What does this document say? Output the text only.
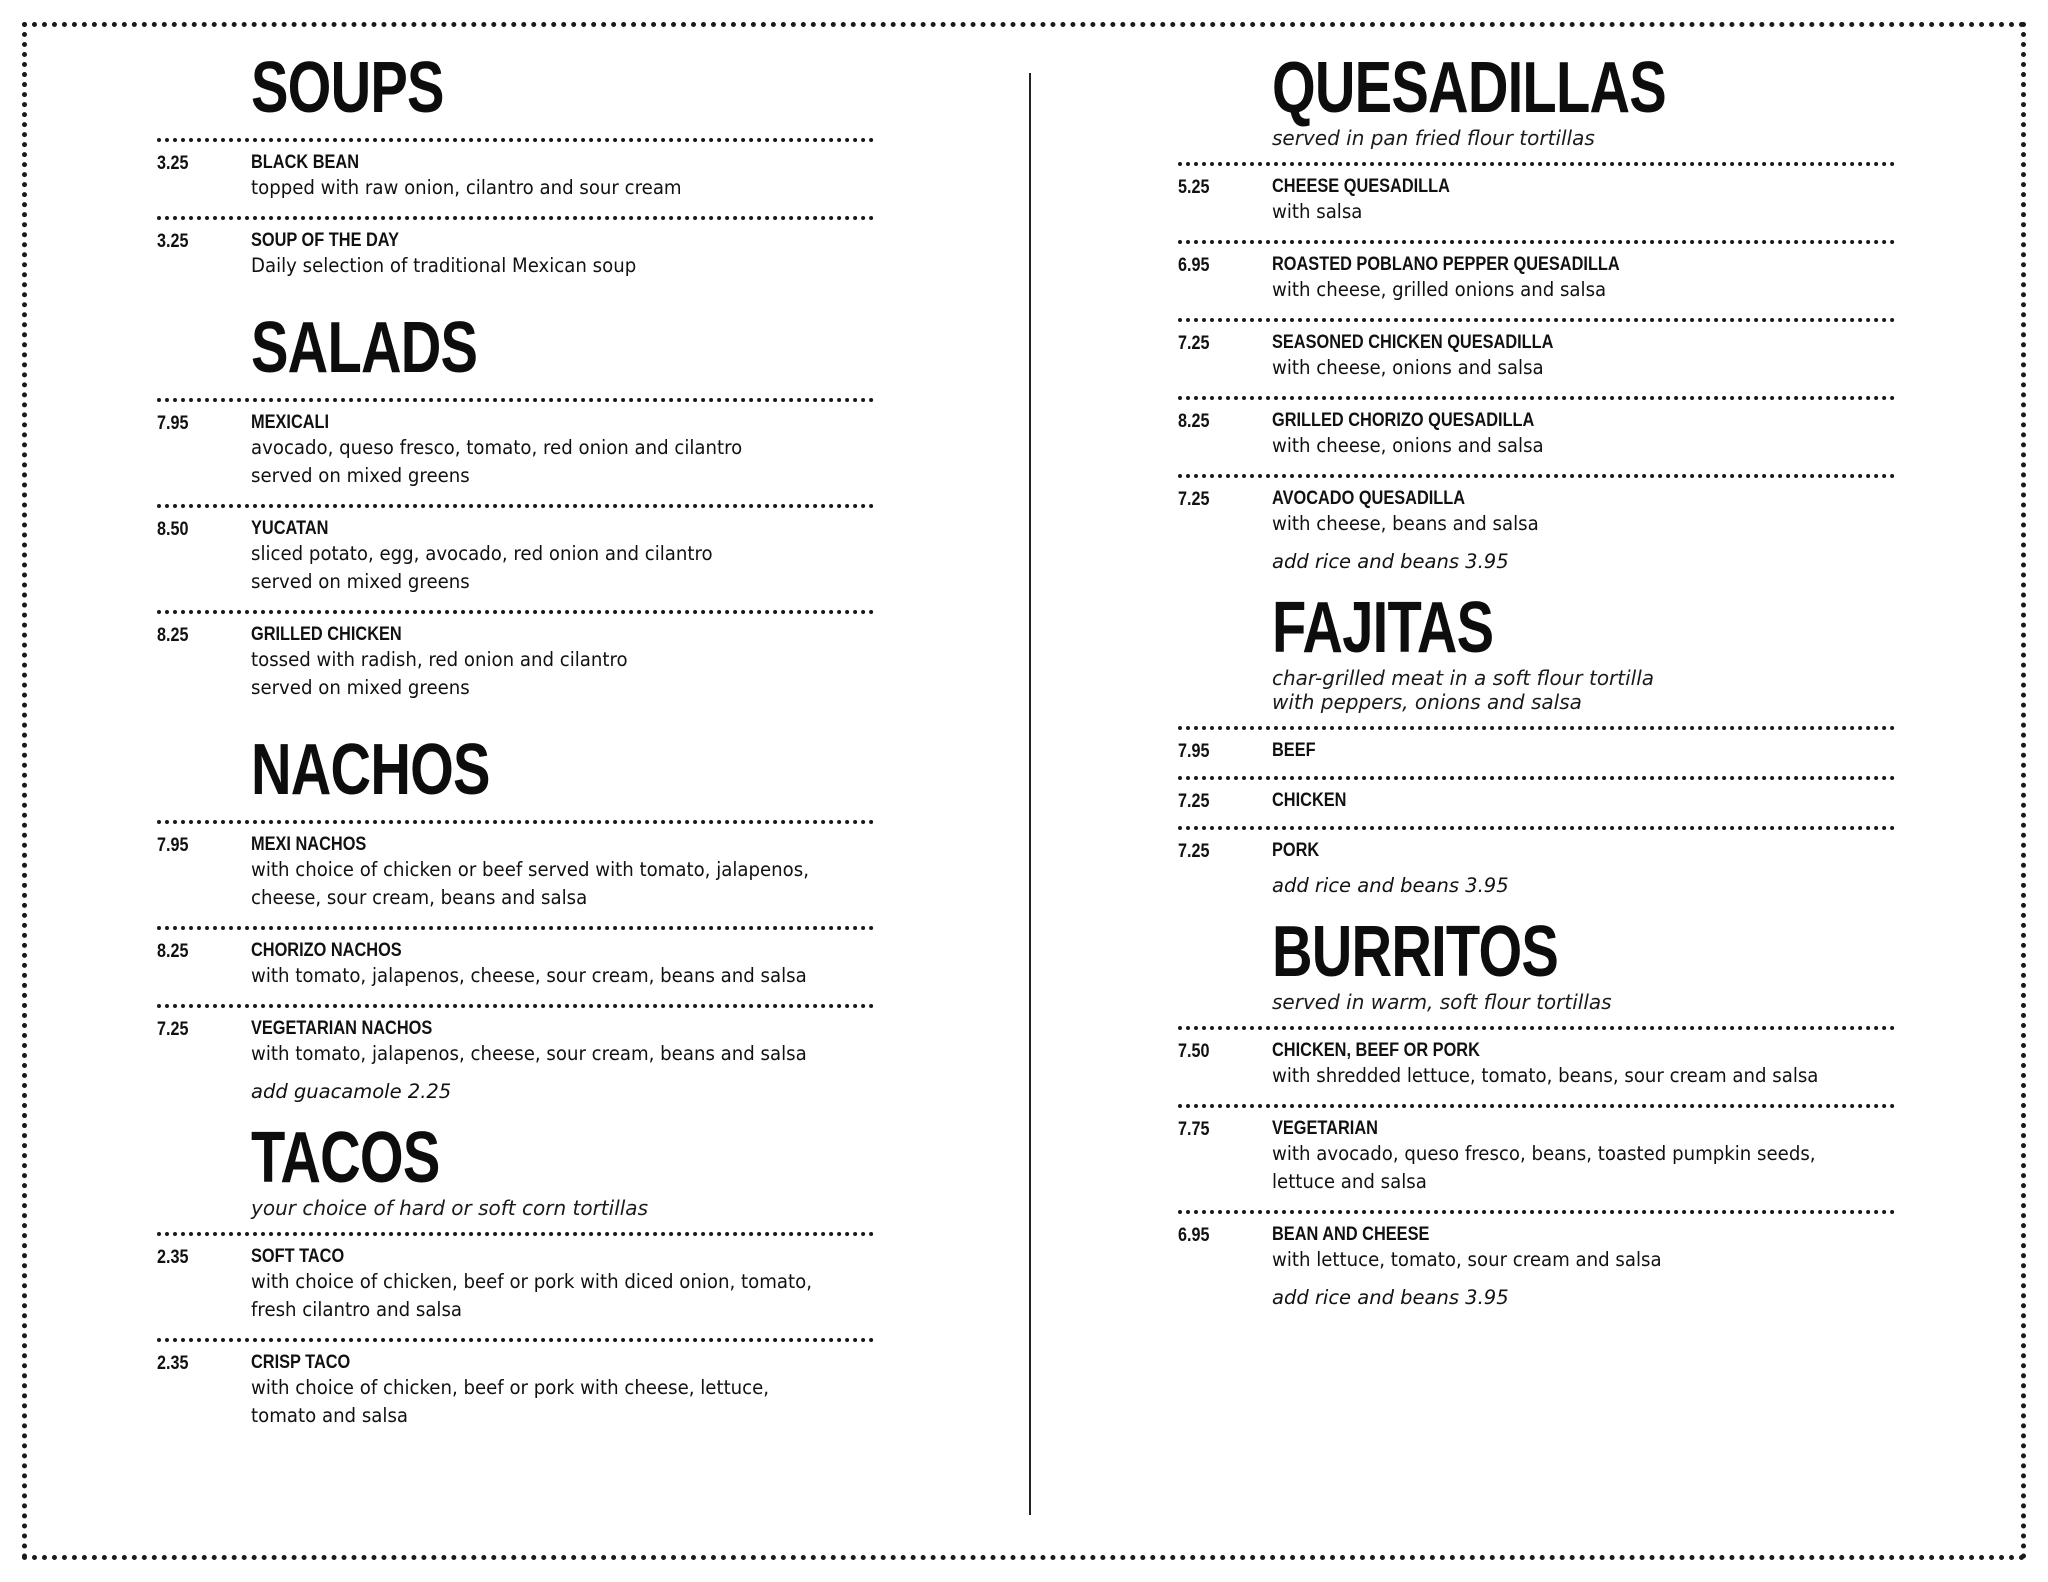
SOUPS
3.25	BLACK BEAN
topped with raw onion, cilantro and sour cream
3.25	SOUP OF THE DAY
Daily selection of traditional Mexican soup
SALADS
7.95	MEXICALI
avocado, queso fresco, tomato, red onion and cilantro
served on mixed greens
8.50	YUCATAN
sliced potato, egg, avocado, red onion and cilantro
served on mixed greens
8.25	GRILLED CHICKEN
tossed with radish, red onion and cilantro
served on mixed greens
NACHOS
7.95	MEXI NACHOS
with choice of chicken or beef served with tomato, jalapenos,
cheese, sour cream, beans and salsa
8.25	CHORIZO NACHOS
with tomato, jalapenos, cheese, sour cream, beans and salsa
7.25	VEGETARIAN NACHOS
with tomato, jalapenos, cheese, sour cream, beans and salsa
add guacamole 2.25
TACOS
your choice of hard or soft corn tortillas
2.35	SOFT TACO
with choice of chicken, beef or pork with diced onion, tomato,
fresh cilantro and salsa
2.35	CRISP TACO
with choice of chicken, beef or pork with cheese, lettuce,
tomato and salsa
QUESADILLAS
served in pan fried flour tortillas
5.25	CHEESE QUESADILLA
with salsa
6.95	ROASTED POBLANO PEPPER QUESADILLA
with cheese, grilled onions and salsa
7.25	SEASONED CHICKEN QUESADILLA
with cheese, onions and salsa
8.25	GRILLED CHORIZO QUESADILLA
with cheese, onions and salsa
7.25	AVOCADO QUESADILLA
with cheese, beans and salsa
add rice and beans 3.95
FAJITAS
char-grilled meat in a soft flour tortilla
with peppers, onions and salsa
7.95	BEEF
7.25	CHICKEN
7.25	PORK
add rice and beans 3.95
BURRITOS
served in warm, soft flour tortillas
7.50	CHICKEN, BEEF OR PORK
with shredded lettuce, tomato, beans, sour cream and salsa
7.75	VEGETARIAN
with avocado, queso fresco, beans, toasted pumpkin seeds,
lettuce and salsa
6.95	BEAN AND CHEESE
with lettuce, tomato, sour cream and salsa
add rice and beans 3.95
